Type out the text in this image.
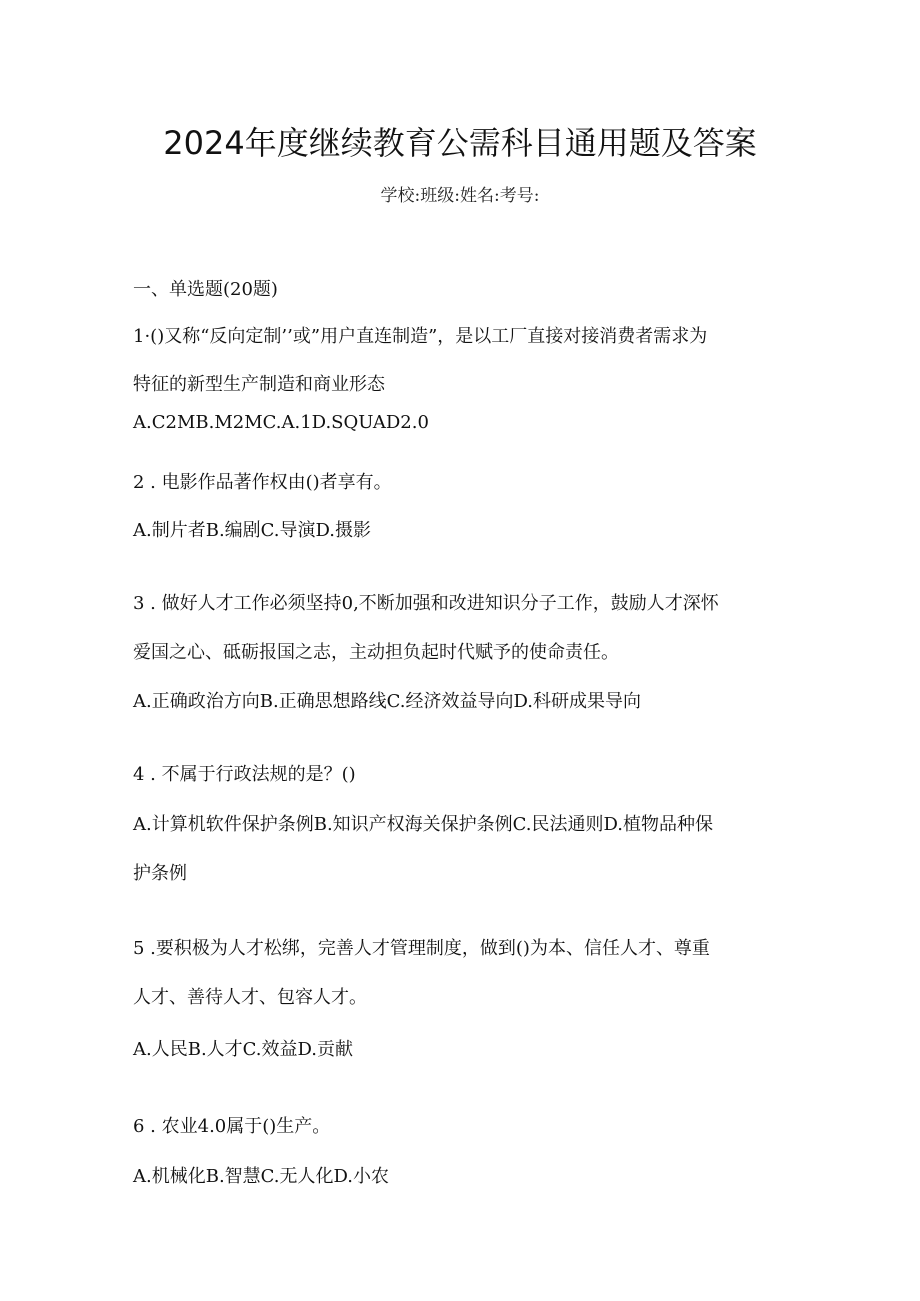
2024年度继续教育公需科目通用题及答案
学校:班级:姓名:考号:
一、单选题(20题)
1·()又称“反向定制’’或”用户直连制造”，是以工厂直接对接消费者需求为
特征的新型生产制造和商业形态
A.C2MB.M2MC.A.1D.SQUAD2.0
2 . 电影作品著作权由()者享有。
A.制片者B.编剧C.导演D.摄影
3 . 做好人才工作必须坚持0,不断加强和改进知识分子工作，鼓励人才深怀
爱国之心、砥砺报国之志，主动担负起时代赋予的使命责任。
A.正确政治方向B.正确思想路线C.经济效益导向D.科研成果导向
4 . 不属于行政法规的是？()
A.计算机软件保护条例B.知识产权海关保护条例C.民法通则D.植物品种保
护条例
5 .要积极为人才松绑，完善人才管理制度，做到()为本、信任人才、尊重
人才、善待人才、包容人才。
A.人民B.人才C.效益D.贡献
6 . 农业4.0属于()生产。
A.机械化B.智慧C.无人化D.小农
